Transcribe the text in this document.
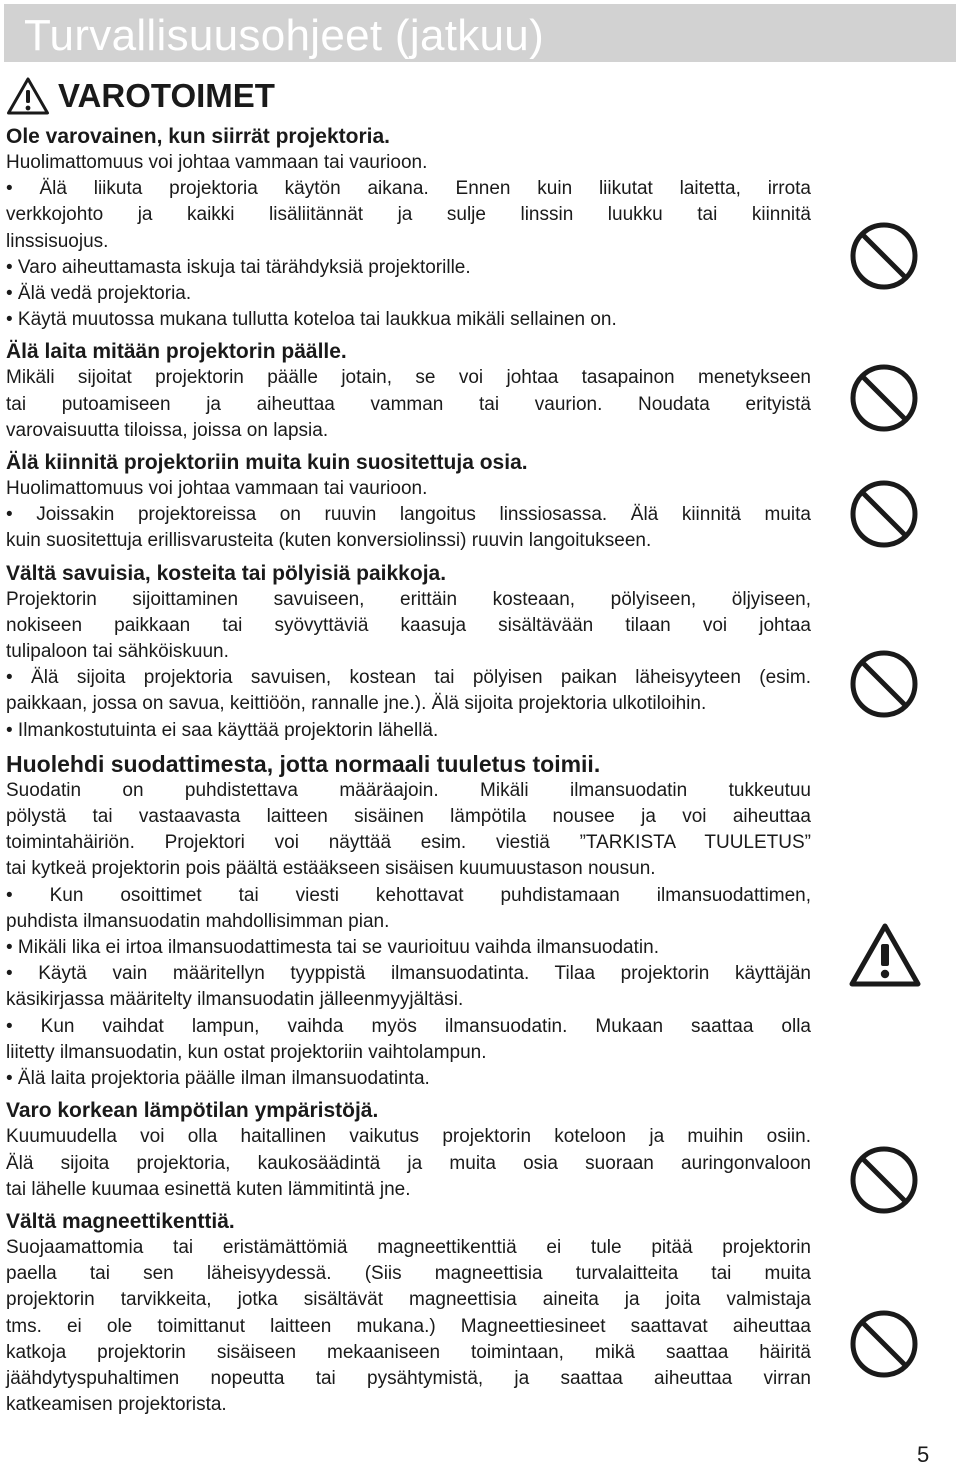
Turvallisuusohjeet (jatkuu)
VAROTOIMET
Ole varovainen, kun siirrät projektoria.

Huolimattomuus voi johtaa vammaan tai vaurioon.

• Älä liikuta projektoria käytön aikana. Ennen kuin liikutat laitetta, irrota

verkkojohto ja kaikki lisäliitännät ja sulje linssin luukku tai kiinnitä

linssisuojus.

• Varo aiheuttamasta iskuja tai tärähdyksiä projektorille.

• Älä vedä projektoria.

• Käytä muutossa mukana tullutta koteloa tai laukkua mikäli sellainen on.

Älä laita mitään projektorin päälle.

Mikäli sijoitat projektorin päälle jotain, se voi johtaa tasapainon menetykseen

tai putoamiseen ja aiheuttaa vamman tai vaurion. Noudata erityistä

varovaisuutta tiloissa, joissa on lapsia.

Älä kiinnitä projektoriin muita kuin suositettuja osia.

Huolimattomuus voi johtaa vammaan tai vaurioon.

• Joissakin projektoreissa on ruuvin langoitus linssiosassa. Älä kiinnitä muita

kuin suositettuja erillisvarusteita (kuten konversiolinssi) ruuvin langoitukseen.

Vältä savuisia, kosteita tai pölyisiä paikkoja.

Projektorin sijoittaminen savuiseen, erittäin kosteaan, pölyiseen, öljyiseen,

nokiseen paikkaan tai syövyttäviä kaasuja sisältävään tilaan voi johtaa

tulipaloon tai sähköiskuun.

• Älä sijoita projektoria savuisen, kostean tai pölyisen paikan läheisyyteen (esim.

paikkaan, jossa on savua, keittiöön, rannalle jne.). Älä sijoita projektoria ulkotiloihin.

• Ilmankostutuinta ei saa käyttää projektorin lähellä.

Huolehdi suodattimesta, jotta normaali tuuletus toimii.

Suodatin on puhdistettava määräajoin. Mikäli ilmansuodatin tukkeutuu

pölystä tai vastaavasta laitteen sisäinen lämpötila nousee ja voi aiheuttaa

toimintahäiriön. Projektori voi näyttää esim. viestiä ”TARKISTA TUULETUS”

tai kytkeä projektorin pois päältä estääkseen sisäisen kuumuustason nousun.

• Kun osoittimet tai viesti kehottavat puhdistamaan ilmansuodattimen,

puhdista ilmansuodatin mahdollisimman pian.

• Mikäli lika ei irtoa ilmansuodattimesta tai se vaurioituu vaihda ilmansuodatin.

• Käytä vain määritellyn tyyppistä ilmansuodatinta. Tilaa projektorin käyttäjän

käsikirjassa määritelty ilmansuodatin jälleenmyyjältäsi.

• Kun vaihdat lampun, vaihda myös ilmansuodatin. Mukaan saattaa olla

liitetty ilmansuodatin, kun ostat projektoriin vaihtolampun.

• Älä laita projektoria päälle ilman ilmansuodatinta.

Varo korkean lämpötilan ympäristöjä.

Kuumuudella voi olla haitallinen vaikutus projektorin koteloon ja muihin osiin.

Älä sijoita projektoria, kaukosäädintä ja muita osia suoraan auringonvaloon

tai lähelle kuumaa esinettä kuten lämmitintä jne.

Vältä magneettikenttiä.

Suojaamattomia tai eristämättömiä magneettikenttiä ei tule pitää projektorin

paella tai sen läheisyydessä. (Siis magneettisia turvalaitteita tai muita

projektorin tarvikkeita, jotka sisältävät magneettisia aineita ja joita valmistaja

tms. ei ole toimittanut laitteen mukana.) Magneettiesineet saattavat aiheuttaa

katkoja projektorin sisäiseen mekaaniseen toimintaan, mikä saattaa häiritä

jäähdytyspuhaltimen nopeutta tai pysähtymistä, ja saattaa aiheuttaa virran

katkeamisen projektorista.

5
